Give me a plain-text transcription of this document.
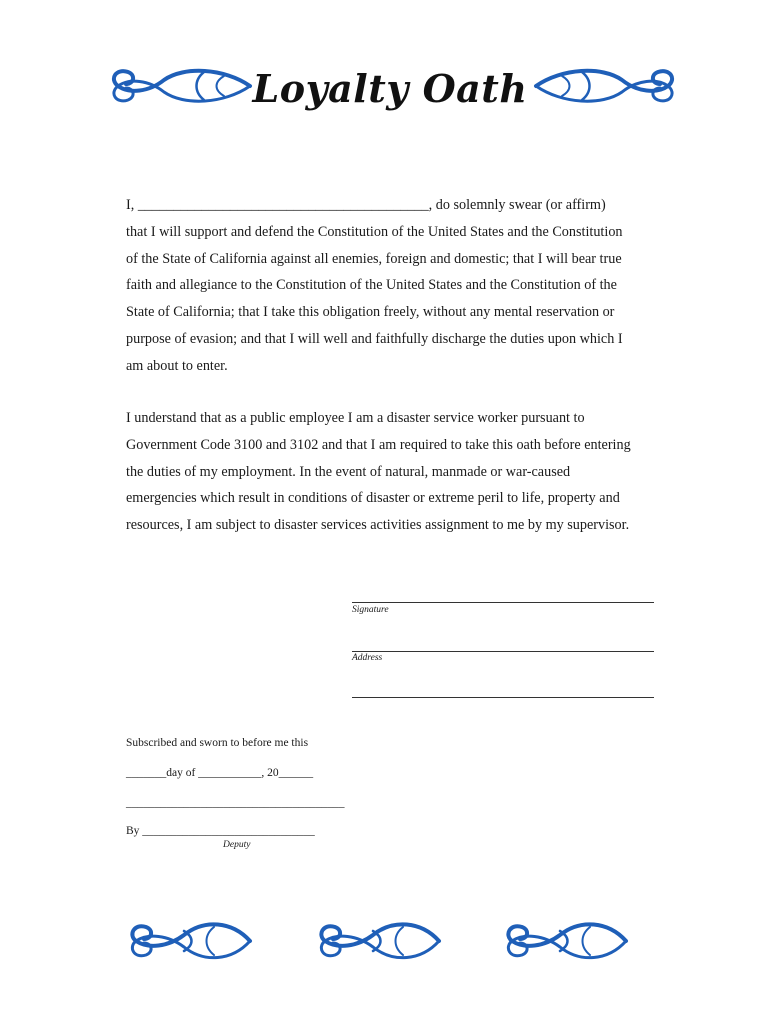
Loyalty Oath

I, _________________________________________, do solemnly swear (or affirm)

that I will support and defend the Constitution of the United States and the Constitution

of the State of California against all enemies, foreign and domestic; that I will bear true

faith and allegiance to the Constitution of the United States and the Constitution of the

State of California; that I take this obligation freely, without any mental reservation or

purpose of evasion; and that I will well and faithfully discharge the duties upon which I

am about to enter.

I understand that as a public employee I am a disaster service worker pursuant to

Government Code 3100 and 3102 and that I am required to take this oath before entering

the duties of my employment. In the event of natural, manmade or war-caused

emergencies which result in conditions of disaster or extreme peril to life, property and

resources, I am subject to disaster services activities assignment to me by my supervisor.

Signature
Address
Subscribed and sworn to before me this
_______day of ___________, 20______
______________________________________
By ______________________________
Deputy
